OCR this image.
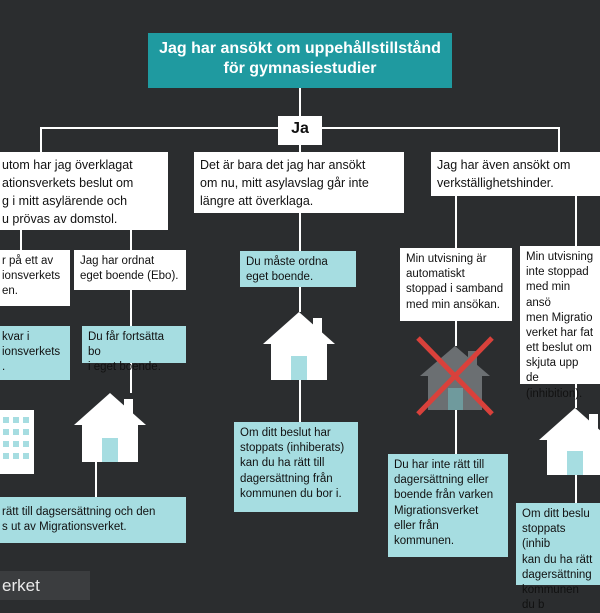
Jag har ansökt om uppehållstillstånd
för gymnasiestudier
Ja
utom har jag överklagat
ationsverkets beslut om
g i mitt asylärende och
u prövas av domstol.
r på ett av
ionsverkets
en.
Jag har ordnat
eget boende (Ebo).
kvar i
ionsverkets
.
Du får fortsätta bo
i eget boende.
rätt till dagsersättning och den
s ut av Migrationsverket.
Det är bara det jag har ansökt
om nu, mitt asylavslag går inte
längre att överklaga.
Du måste ordna
eget boende.
Om ditt beslut har
stoppats (inhiberats)
kan du ha rätt till
dagersättning från
kommunen du bor i.
Jag har även ansökt om
verkställighetshinder.
Min utvisning är
automatiskt
stoppad i samband
med min ansökan.
Min utvisning
inte stoppad
med min ansö
men Migratio
verket har fat
ett beslut om
skjuta upp de
(inhibition).
Du har inte rätt till
dagersättning eller
boende från varken
Migrationsverket
eller från
kommunen.
Om ditt beslu
stoppats (inhib
kan du ha rätt
dagersättning
kommunen du b
erket
